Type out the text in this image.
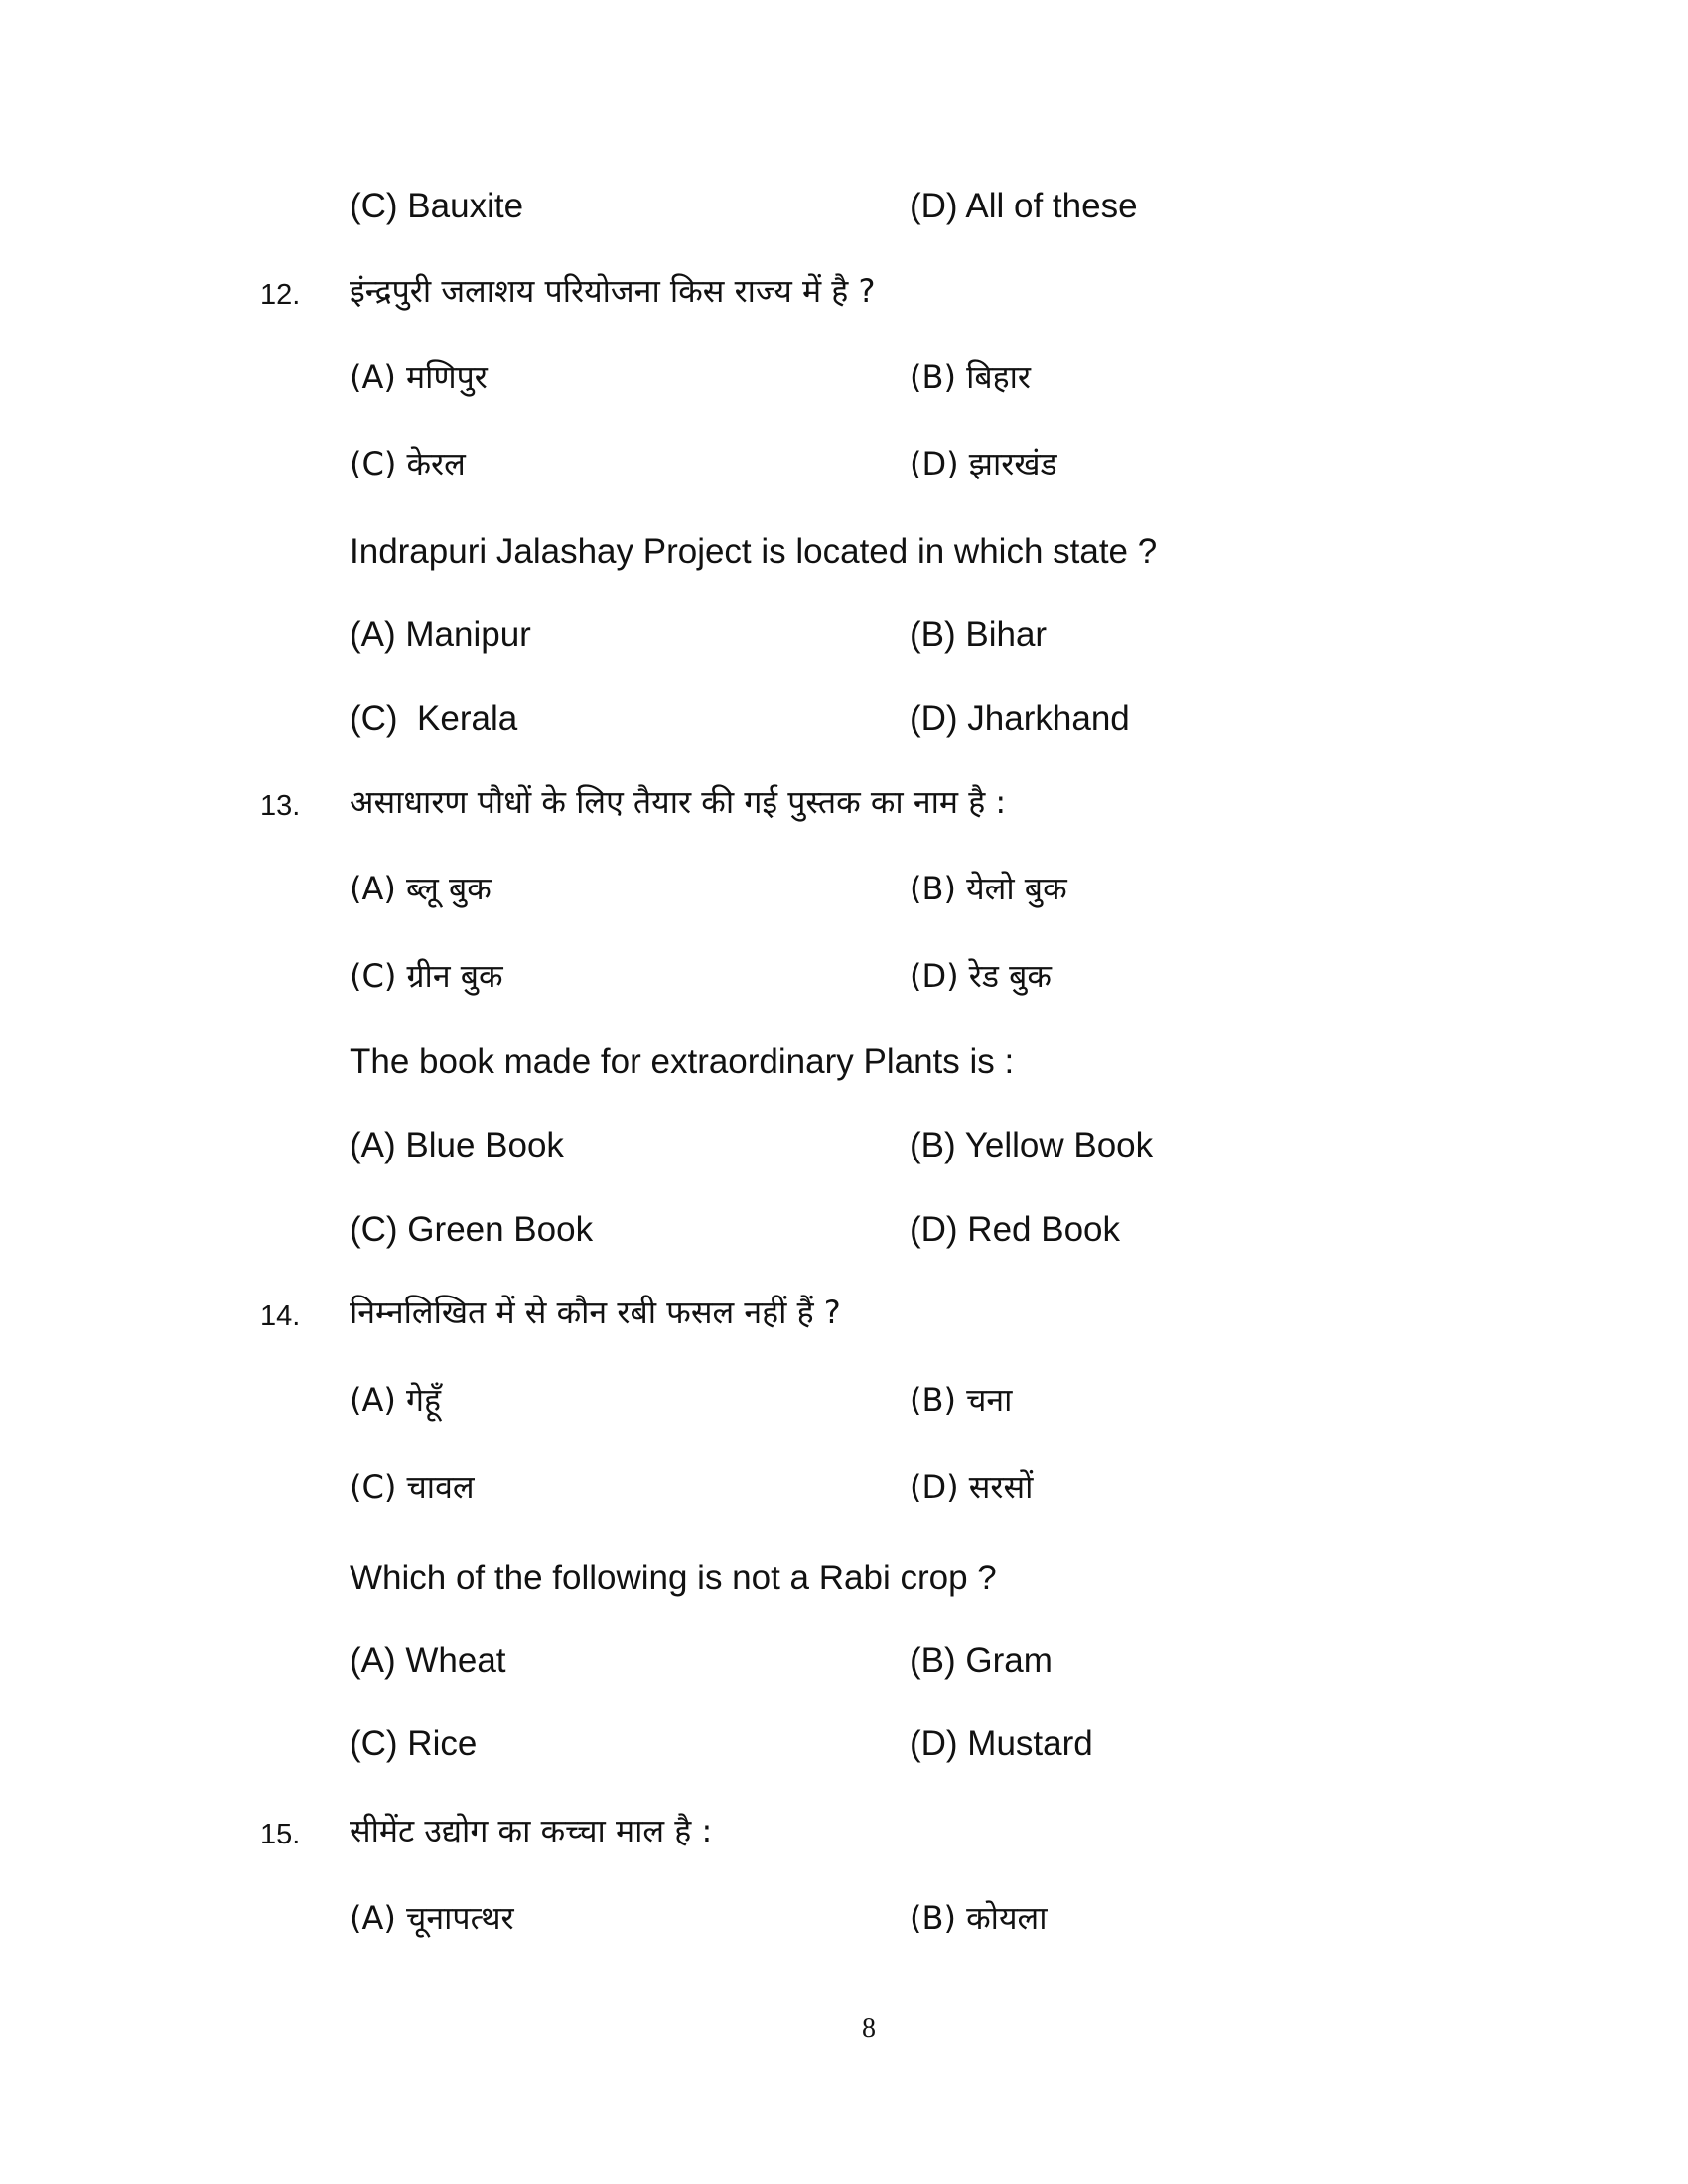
(C) Bauxite	(D) All of these
12. इंन्द्रपुरी जलाशय परियोजना किस राज्य में है ?
(A) मणिपुर	(B) बिहार
(C) केरल	(D) झारखंड
Indrapuri Jalashay Project is located in which state ?
(A) Manipur	(B) Bihar
(C)  Kerala	(D) Jharkhand
13. असाधारण पौधों के लिए तैयार की गई पुस्तक का नाम है :
(A) ब्लू बुक	(B) येलो बुक
(C) ग्रीन बुक	(D) रेड बुक
The book made for extraordinary Plants is :
(A) Blue Book	(B) Yellow Book
(C) Green Book	(D) Red Book
14. निम्नलिखित में से कौन रबी फसल नहीं हैं ?
(A) गेहूँ	(B) चना
(C) चावल	(D) सरसों
Which of the following is not a Rabi crop ?
(A) Wheat	(B) Gram
(C) Rice	(D) Mustard
15. सीमेंट उद्योग का कच्चा माल है :
(A) चूनापत्थर	(B) कोयला
8
